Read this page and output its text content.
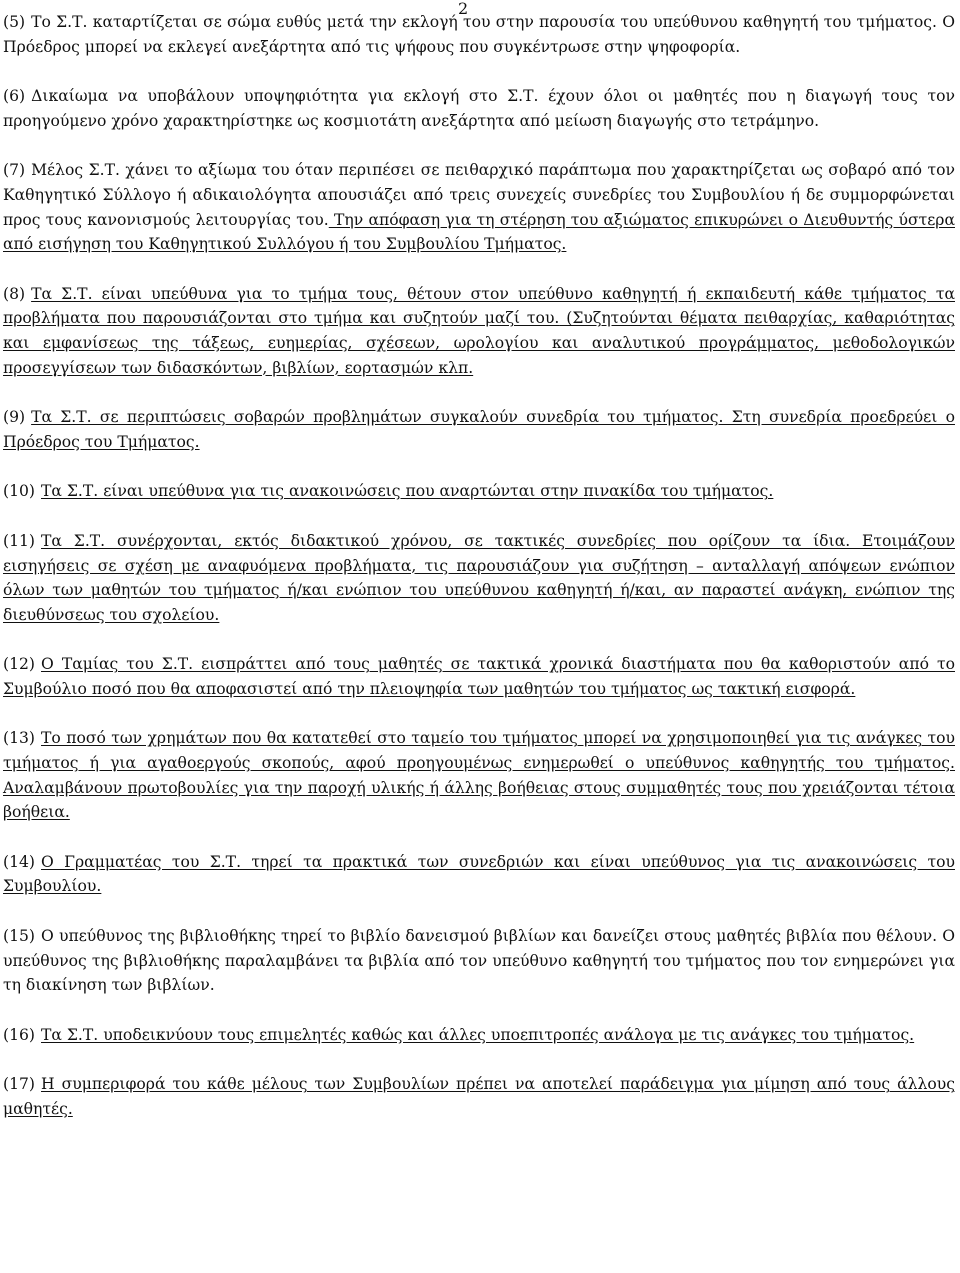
2

(5) Το Σ.Τ. καταρτίζεται σε σώμα ευθύς μετά την εκλογή του στην παρουσία του υπεύθυνου καθηγητή του τμήματος. Ο Πρόεδρος μπορεί να εκλεγεί ανεξάρτητα από τις ψήφους που συγκέντρωσε στην ψηφοφορία.

(6) Δικαίωμα να υποβάλουν υποψηφιότητα για εκλογή στο Σ.Τ. έχουν όλοι οι μαθητές που η διαγωγή τους τον προηγούμενο χρόνο χαρακτηρίστηκε ως κοσμιοτάτη ανεξάρτητα από μείωση διαγωγής στο τετράμηνο.

(7) Μέλος Σ.Τ. χάνει το αξίωμα του όταν περιπέσει σε πειθαρχικό παράπτωμα που χαρακτηρίζεται ως σοβαρό από τον Καθηγητικό Σύλλογο ή αδικαιολόγητα απουσιάζει από τρεις συνεχείς συνεδρίες του Συμβουλίου ή δε συμμορφώνεται προς τους κανονισμούς λειτουργίας του. Την απόφαση για τη στέρηση του αξιώματος επικυρώνει ο Διευθυντής ύστερα από εισήγηση του Καθηγητικού Συλλόγου ή του Συμβουλίου Τμήματος.

(8) Τα Σ.Τ. είναι υπεύθυνα για το τμήμα τους, θέτουν στον υπεύθυνο καθηγητή ή εκπαιδευτή κάθε τμήματος τα προβλήματα που παρουσιάζονται στο τμήμα και συζητούν μαζί του. (Συζητούνται θέματα πειθαρχίας, καθαριότητας και εμφανίσεως της τάξεως, ευημερίας, σχέσεων, ωρολογίου και αναλυτικού προγράμματος, μεθοδολογικών προσεγγίσεων των διδασκόντων, βιβλίων, εορτασμών κλπ.

(9) Τα Σ.Τ. σε περιπτώσεις σοβαρών προβλημάτων συγκαλούν συνεδρία του τμήματος. Στη συνεδρία προεδρεύει ο Πρόεδρος του Τμήματος.

(10) Τα Σ.Τ. είναι υπεύθυνα για τις ανακοινώσεις που αναρτώνται στην πινακίδα του τμήματος.

(11) Τα Σ.Τ. συνέρχονται, εκτός διδακτικού χρόνου, σε τακτικές συνεδρίες που ορίζουν τα ίδια. Ετοιμάζουν εισηγήσεις σε σχέση με αναφυόμενα προβλήματα, τις παρουσιάζουν για συζήτηση – ανταλλαγή απόψεων ενώπιον όλων των μαθητών του τμήματος ή/και ενώπιον του υπεύθυνου καθηγητή ή/και, αν παραστεί ανάγκη, ενώπιον της διευθύνσεως του σχολείου.

(12) Ο Ταμίας του Σ.Τ. εισπράττει από τους μαθητές σε τακτικά χρονικά διαστήματα που θα καθοριστούν από το Συμβούλιο ποσό που θα αποφασιστεί από την πλειοψηφία των μαθητών του τμήματος ως τακτική εισφορά.

(13) Το ποσό των χρημάτων που θα κατατεθεί στο ταμείο του τμήματος μπορεί να χρησιμοποιηθεί για τις ανάγκες του τμήματος ή για αγαθοεργούς σκοπούς, αφού προηγουμένως ενημερωθεί ο υπεύθυνος καθηγητής του τμήματος. Αναλαμβάνουν πρωτοβουλίες για την παροχή υλικής ή άλλης βοήθειας στους συμμαθητές τους που χρειάζονται τέτοια βοήθεια.

(14) Ο Γραμματέας του Σ.Τ. τηρεί τα πρακτικά των συνεδριών και είναι υπεύθυνος για τις ανακοινώσεις του Συμβουλίου.

(15) Ο υπεύθυνος της βιβλιοθήκης τηρεί το βιβλίο δανεισμού βιβλίων και δανείζει στους μαθητές βιβλία που θέλουν. Ο υπεύθυνος της βιβλιοθήκης παραλαμβάνει τα βιβλία από τον υπεύθυνο καθηγητή του τμήματος που τον ενημερώνει για τη διακίνηση των βιβλίων.

(16) Τα Σ.Τ. υποδεικνύουν τους επιμελητές καθώς και άλλες υποεπιτροπές ανάλογα με τις ανάγκες του τμήματος.

(17) Η συμπεριφορά του κάθε μέλους των Συμβουλίων πρέπει να αποτελεί παράδειγμα για μίμηση από τους άλλους μαθητές.
